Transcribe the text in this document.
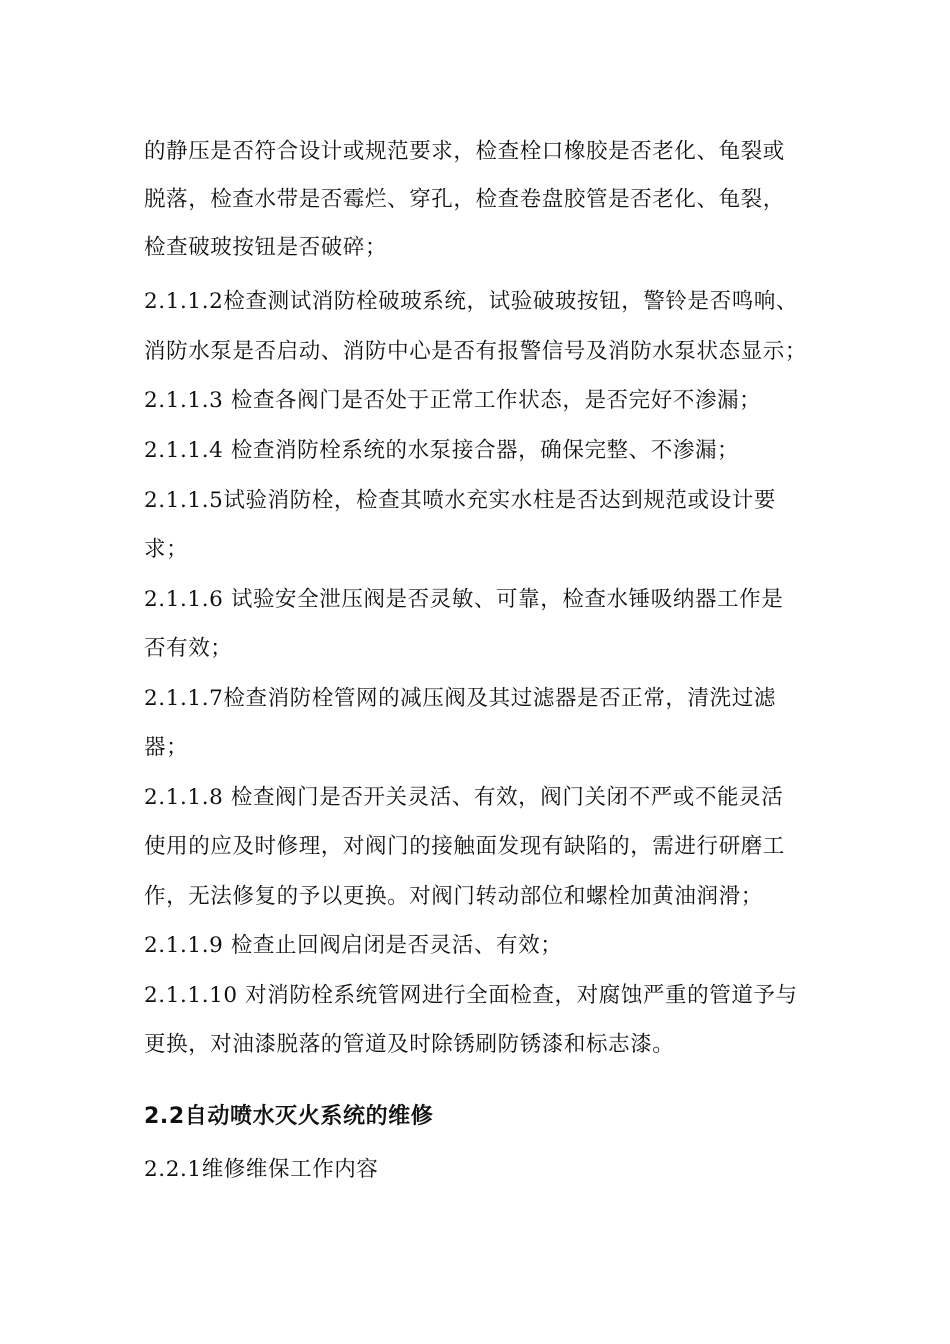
的静压是否符合设计或规范要求，检查栓口橡胶是否老化、龟裂或
脱落，检查水带是否霉烂、穿孔，检查卷盘胶管是否老化、龟裂，
检查破玻按钮是否破碎；
2.1.1.2检查测试消防栓破玻系统，试验破玻按钮，警铃是否鸣响、
消防水泵是否启动、消防中心是否有报警信号及消防水泵状态显示；
2.1.1.3 检查各阀门是否处于正常工作状态，是否完好不渗漏；
2.1.1.4 检查消防栓系统的水泵接合器，确保完整、不渗漏；
2.1.1.5试验消防栓，检查其喷水充实水柱是否达到规范或设计要
求；
2.1.1.6 试验安全泄压阀是否灵敏、可靠，检查水锤吸纳器工作是
否有效；
2.1.1.7检查消防栓管网的减压阀及其过滤器是否正常，清洗过滤
器；
2.1.1.8 检查阀门是否开关灵活、有效，阀门关闭不严或不能灵活
使用的应及时修理，对阀门的接触面发现有缺陷的，需进行研磨工
作，无法修复的予以更换。对阀门转动部位和螺栓加黄油润滑；
2.1.1.9 检查止回阀启闭是否灵活、有效；
2.1.1.10 对消防栓系统管网进行全面检查，对腐蚀严重的管道予与
更换，对油漆脱落的管道及时除锈刷防锈漆和标志漆。
2.2自动喷水灭火系统的维修
2.2.1维修维保工作内容
